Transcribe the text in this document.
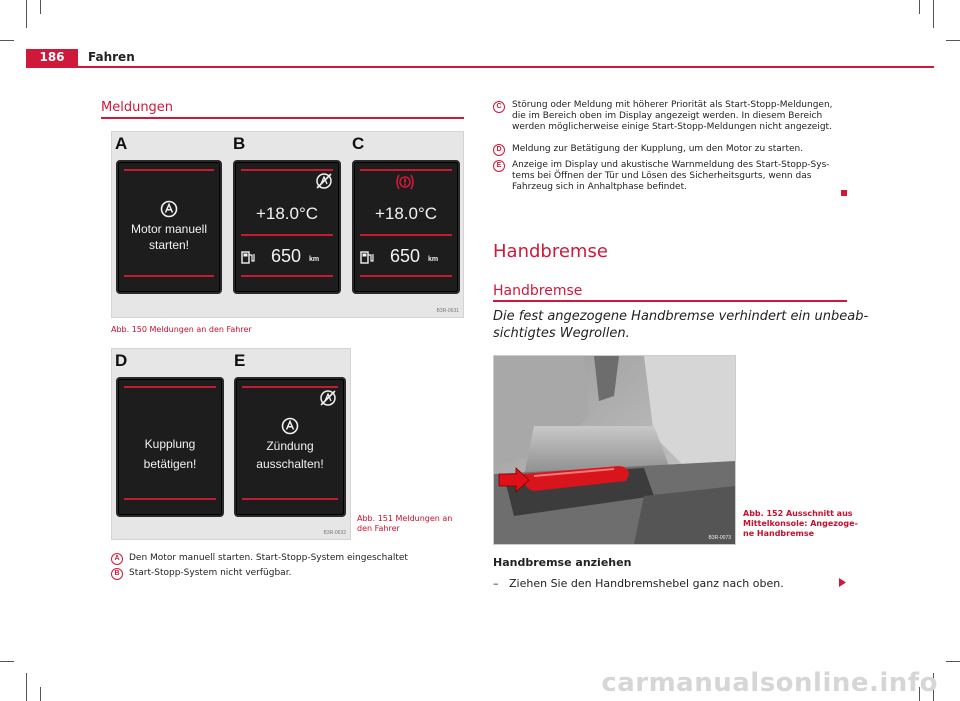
186	Fahren
Meldungen
A	B	C
Motor manuell
starten!
+18.0°C
650 km
+18.0°C
650 km
B3R-0631
Abb. 150 Meldungen an den Fahrer
D	E
Kupplung
betätigen!
Zündung
ausschalten!
B3R-0632
Abb. 151 Meldungen an
den Fahrer
A	Den Motor manuell starten. Start-Stopp-System eingeschaltet
B	Start-Stopp-System nicht verfügbar.
C	Störung oder Meldung mit höherer Priorität als Start-Stopp-Meldungen,
die im Bereich oben im Display angezeigt werden. In diesem Bereich
werden möglicherweise einige Start-Stopp-Meldungen nicht angezeigt.
D	Meldung zur Betätigung der Kupplung, um den Motor zu starten.
E	Anzeige im Display und akustische Warnmeldung des Start-Stopp-Sys-
tems bei Öffnen der Tür und Lösen des Sicherheitsgurts, wenn das
Fahrzeug sich in Anhaltphase befindet.
Handbremse
Handbremse
Die fest angezogene Handbremse verhindert ein unbeab-
sichtigtes Wegrollen.
B3R-0073
Abb. 152 Ausschnitt aus
Mittelkonsole: Angezoge-
ne Handbremse
Handbremse anziehen
– Ziehen Sie den Handbremshebel ganz nach oben.
carmanualsonline.info
